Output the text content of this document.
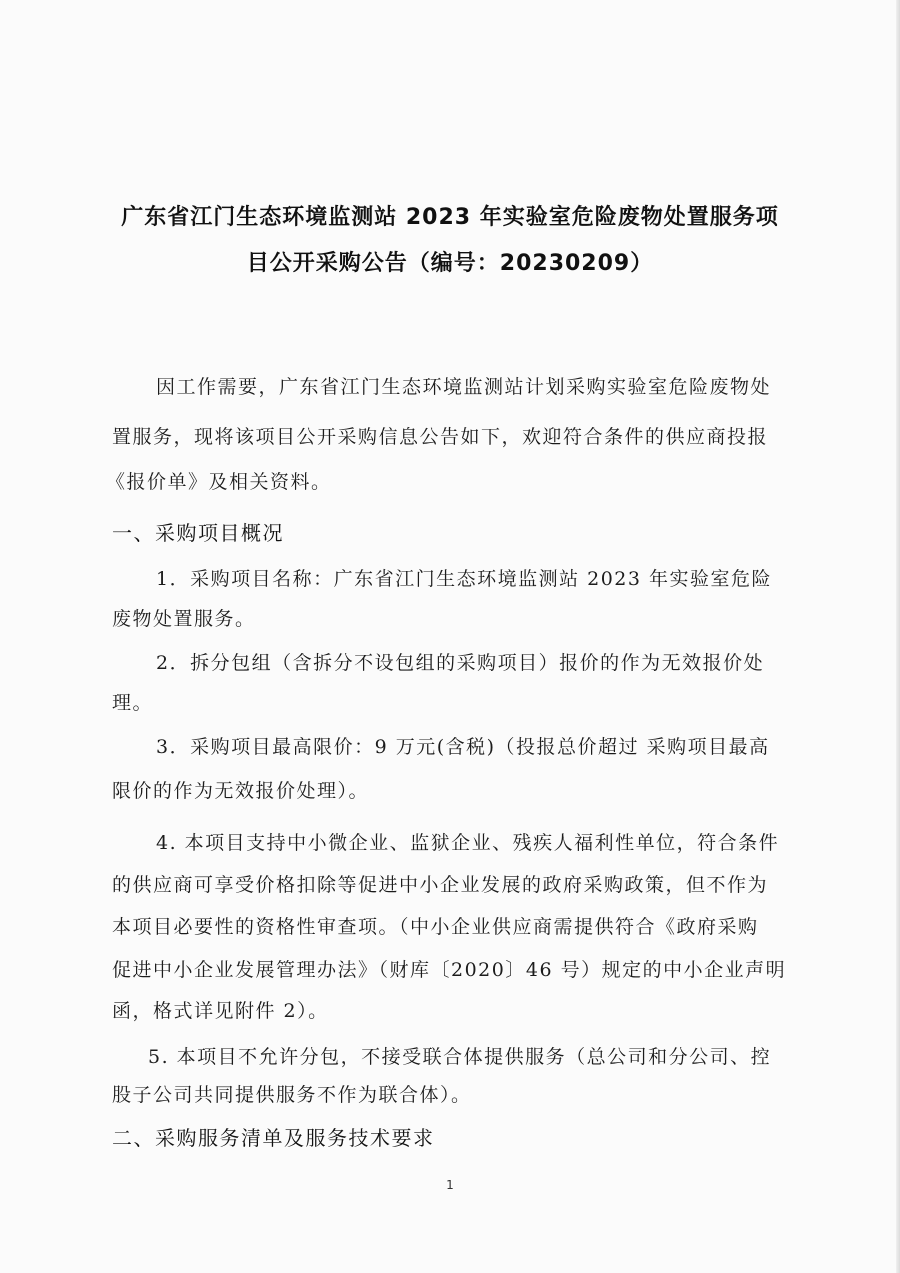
广东省江门生态环境监测站 2023 年实验室危险废物处置服务项
目公开采购公告（编号：20230209）
因工作需要，广东省江门生态环境监测站计划采购实验室危险废物处
置服务，现将该项目公开采购信息公告如下，欢迎符合条件的供应商投报
《报价单》及相关资料。
一、采购项目概况
1．采购项目名称：广东省江门生态环境监测站 2023 年实验室危险
废物处置服务。
2．拆分包组（含拆分不设包组的采购项目）报价的作为无效报价处
理。
3．采购项目最高限价：9 万元(含税)（投报总价超过 采购项目最高
限价的作为无效报价处理）。
4. 本项目支持中小微企业、监狱企业、残疾人福利性单位，符合条件
的供应商可享受价格扣除等促进中小企业发展的政府采购政策，但不作为
本项目必要性的资格性审查项。（中小企业供应商需提供符合《政府采购
促进中小企业发展管理办法》（财库〔2020〕46 号）规定的中小企业声明
函，格式详见附件 2）。
5. 本项目不允许分包，不接受联合体提供服务（总公司和分公司、控
股子公司共同提供服务不作为联合体）。
二、采购服务清单及服务技术要求
1
